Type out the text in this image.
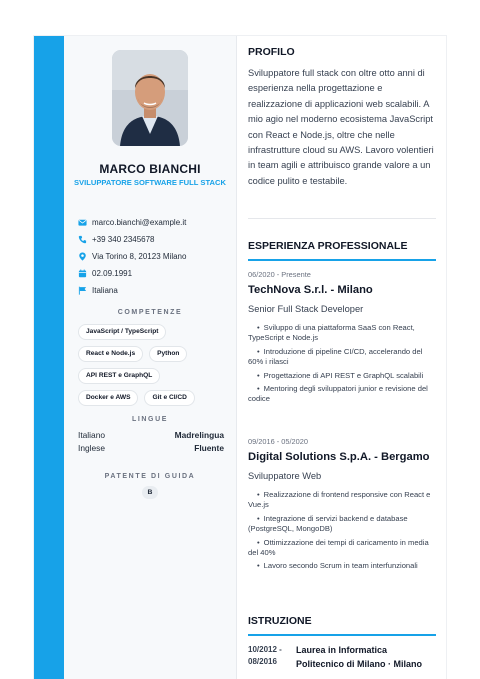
MARCO BIANCHI
SVILUPPATORE SOFTWARE FULL STACK
marco.bianchi@example.it
+39 340 2345678
Via Torino 8, 20123 Milano
02.09.1991
Italiana
COMPETENZE
JavaScript / TypeScript
React e Node.js	Python
API REST e GraphQL
Docker e AWS	Git e CI/CD
LINGUE
Italiano	Madrelingua
Inglese	Fluente
PATENTE DI GUIDA
B
PROFILO
Sviluppatore full stack con oltre otto anni di esperienza nella progettazione e realizzazione di applicazioni web scalabili. A mio agio nel moderno ecosistema JavaScript con React e Node.js, oltre che nelle infrastrutture cloud su AWS. Lavoro volentieri in team agili e attribuisco grande valore a un codice pulito e testabile.
ESPERIENZA PROFESSIONALE
06/2020 - Presente
TechNova S.r.l. - Milano
Senior Full Stack Developer
• Sviluppo di una piattaforma SaaS con React, TypeScript e Node.js
• Introduzione di pipeline CI/CD, accelerando del 60% i rilasci
• Progettazione di API REST e GraphQL scalabili
• Mentoring degli sviluppatori junior e revisione del codice
09/2016 - 05/2020
Digital Solutions S.p.A. - Bergamo
Sviluppatore Web
• Realizzazione di frontend responsive con React e Vue.js
• Integrazione di servizi backend e database (PostgreSQL, MongoDB)
• Ottimizzazione dei tempi di caricamento in media del 40%
• Lavoro secondo Scrum in team interfunzionali
ISTRUZIONE
10/2012 - 08/2016
Laurea in Informatica
Politecnico di Milano · Milano
